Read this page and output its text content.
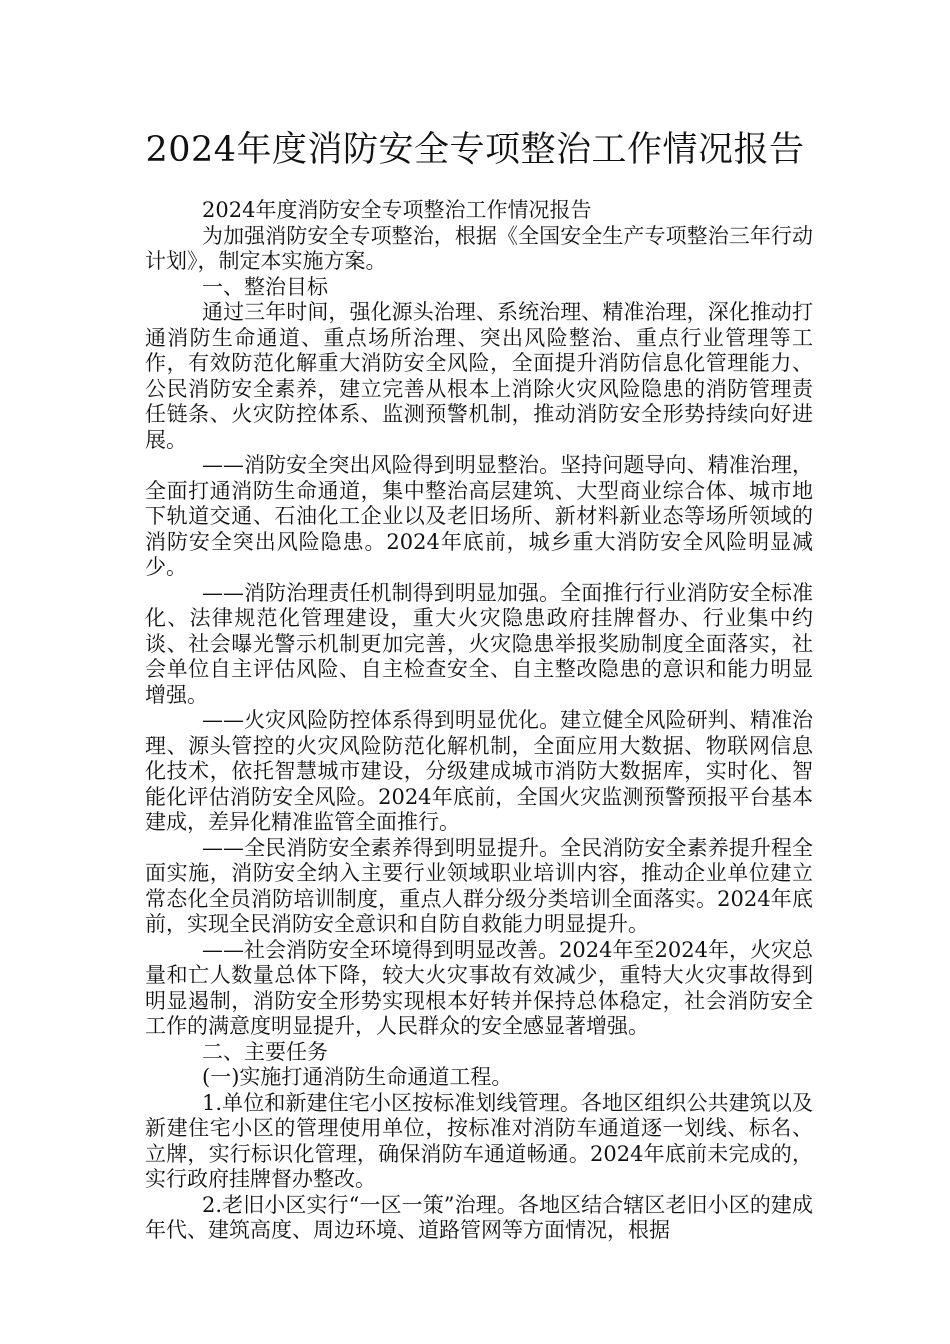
2024年度消防安全专项整治工作情况报告

2024年度消防安全专项整治工作情况报告

为加强消防安全专项整治，根据《全国安全生产专项整治三年行动计划》，制定本实施方案。

一、整治目标

通过三年时间，强化源头治理、系统治理、精准治理，深化推动打通消防生命通道、重点场所治理、突出风险整治、重点行业管理等工作，有效防范化解重大消防安全风险，全面提升消防信息化管理能力、公民消防安全素养，建立完善从根本上消除火灾风险隐患的消防管理责任链条、火灾防控体系、监测预警机制，推动消防安全形势持续向好进展。

——消防安全突出风险得到明显整治。坚持问题导向、精准治理，全面打通消防生命通道，集中整治高层建筑、大型商业综合体、城市地下轨道交通、石油化工企业以及老旧场所、新材料新业态等场所领域的消防安全突出风险隐患。2024年底前，城乡重大消防安全风险明显减少。

——消防治理责任机制得到明显加强。全面推行行业消防安全标准化、法律规范化管理建设，重大火灾隐患政府挂牌督办、行业集中约谈、社会曝光警示机制更加完善，火灾隐患举报奖励制度全面落实，社会单位自主评估风险、自主检查安全、自主整改隐患的意识和能力明显增强。

——火灾风险防控体系得到明显优化。建立健全风险研判、精准治理、源头管控的火灾风险防范化解机制，全面应用大数据、物联网信息化技术，依托智慧城市建设，分级建成城市消防大数据库，实时化、智能化评估消防安全风险。2024年底前，全国火灾监测预警预报平台基本建成，差异化精准监管全面推行。

——全民消防安全素养得到明显提升。全民消防安全素养提升程全面实施，消防安全纳入主要行业领域职业培训内容，推动企业单位建立常态化全员消防培训制度，重点人群分级分类培训全面落实。2024年底前，实现全民消防安全意识和自防自救能力明显提升。

——社会消防安全环境得到明显改善。2024年至2024年，火灾总量和亡人数量总体下降，较大火灾事故有效减少，重特大火灾事故得到明显遏制，消防安全形势实现根本好转并保持总体稳定，社会消防安全工作的满意度明显提升，人民群众的安全感显著增强。

二、主要任务

(一)实施打通消防生命通道工程。

1.单位和新建住宅小区按标准划线管理。各地区组织公共建筑以及新建住宅小区的管理使用单位，按标准对消防车通道逐一划线、标名、立牌，实行标识化管理，确保消防车通道畅通。2024年底前未完成的，实行政府挂牌督办整改。

2.老旧小区实行“一区一策”治理。各地区结合辖区老旧小区的建成年代、建筑高度、周边环境、道路管网等方面情况，根据
